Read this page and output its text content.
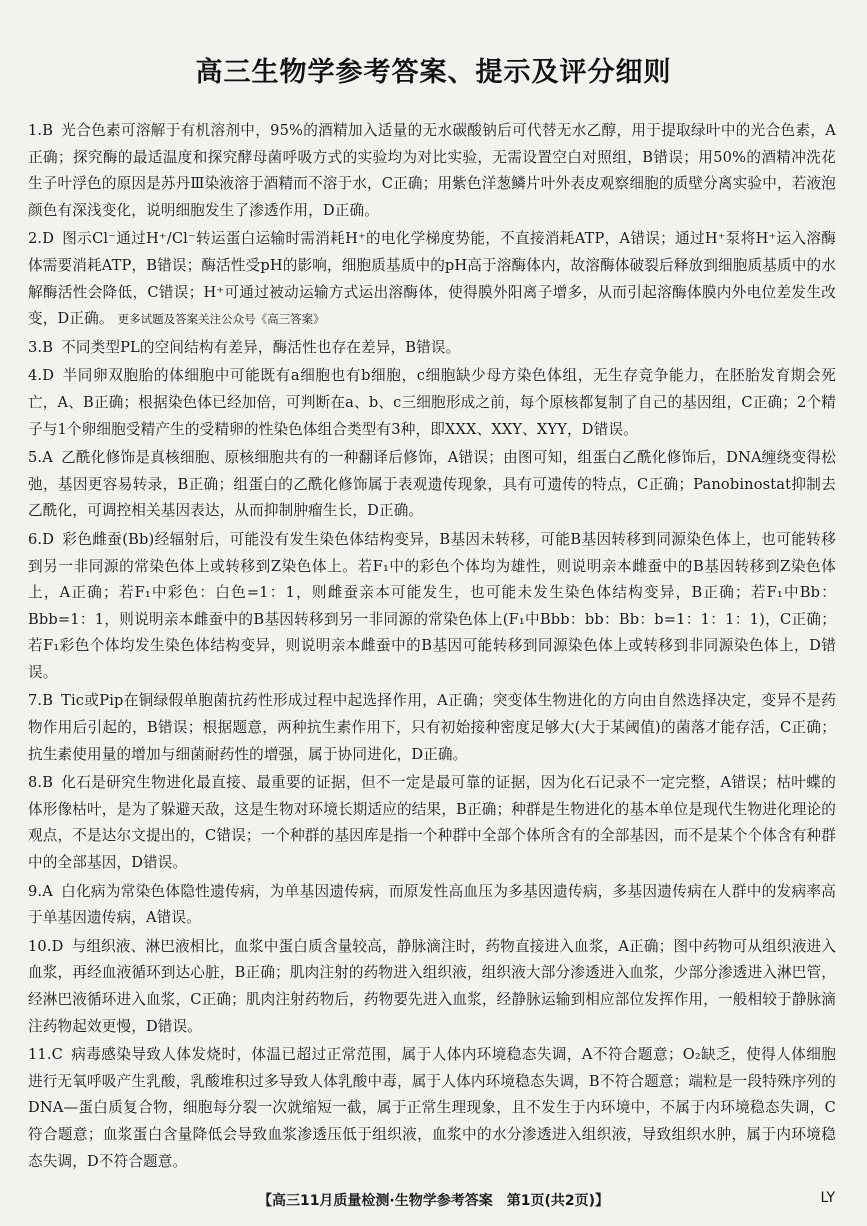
高三生物学参考答案、提示及评分细则

1.B 光合色素可溶解于有机溶剂中，95%的酒精加入适量的无水碳酸钠后可代替无水乙醇，用于提取绿叶中的光合色素，A正确；探究酶的最适温度和探究酵母菌呼吸方式的实验均为对比实验，无需设置空白对照组，B错误；用50%的酒精冲洗花生子叶浮色的原因是苏丹Ⅲ染液溶于酒精而不溶于水，C正确；用紫色洋葱鳞片叶外表皮观察细胞的质壁分离实验中，若液泡颜色有深浅变化，说明细胞发生了渗透作用，D正确。

2.D 图示Cl⁻通过H⁺/Cl⁻转运蛋白运输时需消耗H⁺的电化学梯度势能，不直接消耗ATP，A错误；通过H⁺泵将H⁺运入溶酶体需要消耗ATP，B错误；酶活性受pH的影响，细胞质基质中的pH高于溶酶体内，故溶酶体破裂后释放到细胞质基质中的水解酶活性会降低，C错误；H⁺可通过被动运输方式运出溶酶体，使得膜外阳离子增多，从而引起溶酶体膜内外电位差发生改变，D正确。 更多试题及答案关注公众号《高三答案》

3.B 不同类型PL的空间结构有差异，酶活性也存在差异，B错误。

4.D 半同卵双胞胎的体细胞中可能既有a细胞也有b细胞，c细胞缺少母方染色体组，无生存竞争能力，在胚胎发育期会死亡，A、B正确；根据染色体已经加倍，可判断在a、b、c三细胞形成之前，每个原核都复制了自己的基因组，C正确；2个精子与1个卵细胞受精产生的受精卵的性染色体组合类型有3种，即XXX、XXY、XYY，D错误。

5.A 乙酰化修饰是真核细胞、原核细胞共有的一种翻译后修饰，A错误；由图可知，组蛋白乙酰化修饰后，DNA缠绕变得松弛，基因更容易转录，B正确；组蛋白的乙酰化修饰属于表观遗传现象，具有可遗传的特点，C正确；Panobinostat抑制去乙酰化，可调控相关基因表达，从而抑制肿瘤生长，D正确。

6.D 彩色雌蚕(Bb)经辐射后，可能没有发生染色体结构变异，B基因未转移，可能B基因转移到同源染色体上，也可能转移到另一非同源的常染色体上或转移到Z染色体上。若F₁中的彩色个体均为雄性，则说明亲本雌蚕中的B基因转移到Z染色体上，A正确；若F₁中彩色：白色=1：1，则雌蚕亲本可能发生，也可能未发生染色体结构变异，B正确；若F₁中Bb：Bbb=1：1，则说明亲本雌蚕中的B基因转移到另一非同源的常染色体上(F₁中Bbb：bb：Bb：b=1：1：1：1)，C正确；若F₁彩色个体均发生染色体结构变异，则说明亲本雌蚕中的B基因可能转移到同源染色体上或转移到非同源染色体上，D错误。

7.B Tic或Pip在铜绿假单胞菌抗药性形成过程中起选择作用，A正确；突变体生物进化的方向由自然选择决定，变异不是药物作用后引起的，B错误；根据题意，两种抗生素作用下，只有初始接种密度足够大(大于某阈值)的菌落才能存活，C正确；抗生素使用量的增加与细菌耐药性的增强，属于协同进化，D正确。

8.B 化石是研究生物进化最直接、最重要的证据，但不一定是最可靠的证据，因为化石记录不一定完整，A错误；枯叶蝶的体形像枯叶，是为了躲避天敌，这是生物对环境长期适应的结果，B正确；种群是生物进化的基本单位是现代生物进化理论的观点，不是达尔文提出的，C错误；一个种群的基因库是指一个种群中全部个体所含有的全部基因，而不是某个个体含有种群中的全部基因，D错误。

9.A 白化病为常染色体隐性遗传病，为单基因遗传病，而原发性高血压为多基因遗传病，多基因遗传病在人群中的发病率高于单基因遗传病，A错误。

10.D 与组织液、淋巴液相比，血浆中蛋白质含量较高，静脉滴注时，药物直接进入血浆，A正确；图中药物可从组织液进入血浆，再经血液循环到达心脏，B正确；肌肉注射的药物进入组织液，组织液大部分渗透进入血浆，少部分渗透进入淋巴管，经淋巴液循环进入血浆，C正确；肌肉注射药物后，药物要先进入血浆，经静脉运输到相应部位发挥作用，一般相较于静脉滴注药物起效更慢，D错误。

11.C 病毒感染导致人体发烧时，体温已超过正常范围，属于人体内环境稳态失调，A不符合题意；O₂缺乏，使得人体细胞进行无氧呼吸产生乳酸，乳酸堆积过多导致人体乳酸中毒，属于人体内环境稳态失调，B不符合题意；端粒是一段特殊序列的DNA—蛋白质复合物，细胞每分裂一次就缩短一截，属于正常生理现象，且不发生于内环境中，不属于内环境稳态失调，C符合题意；血浆蛋白含量降低会导致血浆渗透压低于组织液，血浆中的水分渗透进入组织液，导致组织水肿，属于内环境稳态失调，D不符合题意。

【高三11月质量检测·生物学参考答案　第1页(共2页)】	LY
